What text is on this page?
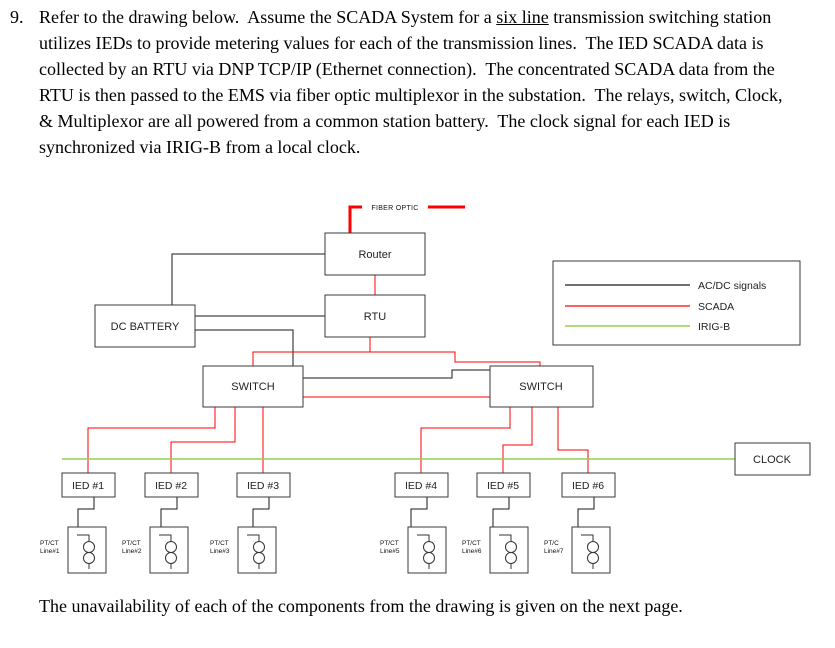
9. Refer to the drawing below.  Assume the SCADA System for a six line transmission switching station utilizes IEDs to provide metering values for each of the transmission lines.  The IED SCADA data is collected by an RTU via DNP TCP/IP (Ethernet connection).  The concentrated SCADA data from the RTU is then passed to the EMS via fiber optic multiplexor in the substation.  The relays, switch, Clock, & Multiplexor are all powered from a common station battery.  The clock signal for each IED is synchronized via IRIG-B from a local clock.
FIBER OPTIC
Router
RTU
DC BATTERY
AC/DC signals
SCADA
IRIG-B
SWITCH	SWITCH
CLOCK
IED #1	IED #2	IED #3	IED #4	IED #5	IED #6
PT/CT
Line#1
PT/CT
Line#2
PT/CT
Line#3
PT/CT
Line#5
PT/CT
Line#6
PT/C
Line#7
The unavailability of each of the components from the drawing is given on the next page.
